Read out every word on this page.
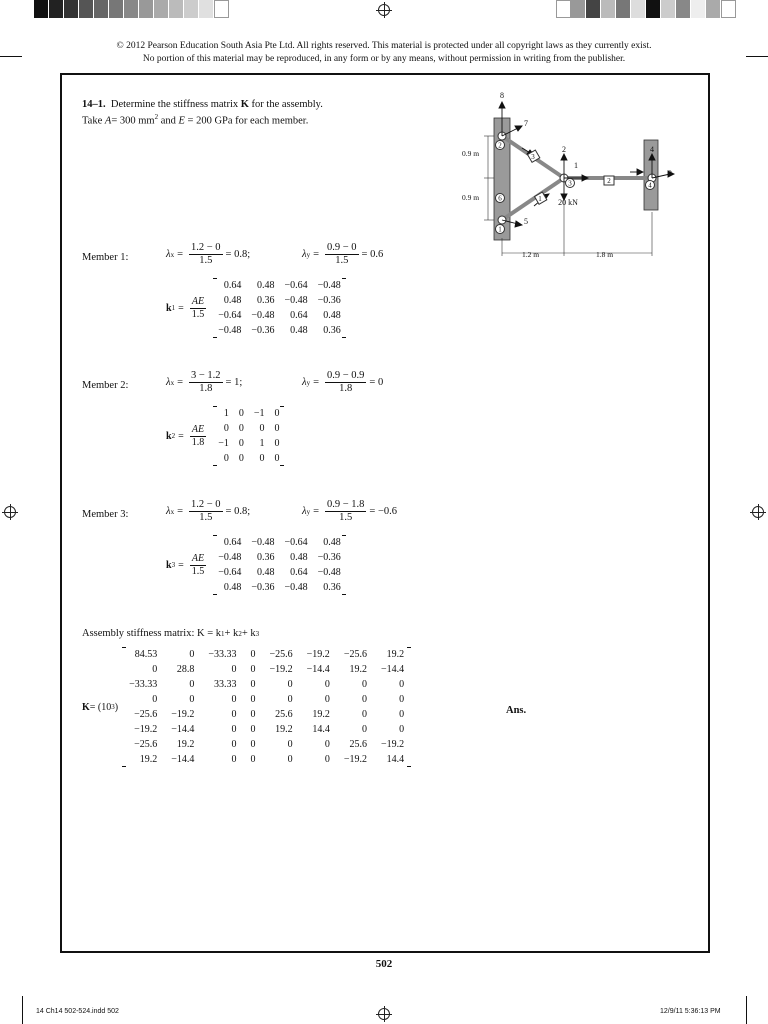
© 2012 Pearson Education South Asia Pte Ltd. All rights reserved. This material is protected under all copyright laws as they currently exist.
No portion of this material may be reproduced, in any form or by any means, without permission in writing from the publisher.
14–1. Determine the stiffness matrix K for the assembly.
Take A= 300 $mm^2$ and E = 200 GPa for each member.
3
1
2
2
1
3	4
6
8
7
2
1
3
4
5
20 kN
0.9 m
0.9 m
1.2 m	1.8 m
Member 1:	λ $x = \frac{1.2 - 0}{1.5} = 0.8$;	λ $y = \frac{0.9 - 0}{1.5} = 0.6$
k $1 = \frac{AE}{1.5}$
0.64	0.48	−0.64	−0.48
0.48	0.36	−0.48	−0.36
−0.64	−0.48	0.64	0.48
−0.48	−0.36	0.48	0.36
Member 2:	λ $x = \frac{3 - 1.2}{1.8} = 1$;	λ $y = \frac{0.9 - 0.9}{1.8} = 0$
k $2 = \frac{AE}{1.8}$
1	0	−1	0
0	0	0	0
−1	0	1	0
0	0	0	0
Member 3:	λ $x = \frac{1.2 - 0}{1.5} = 0.8$;	λ $y = \frac{0.9 - 1.8}{1.5} = -0.6$
k $3 = \frac{AE}{1.5}$
0.64	−0.48	−0.64	0.48
−0.48	0.36	0.48	−0.36
−0.64	0.48	0.64	−0.48
0.48	−0.36	−0.48	0.36
Assembly stiffness matrix: K = k 1 + k 2 + k 3
K = (10 3 )
84.53	0	−33.33	0	−25.6	−19.2	−25.6	19.2
0	28.8	0	0	−19.2	−14.4	19.2	−14.4
−33.33	0	33.33	0	0	0	0	0
0	0	0	0	0	0	0	0
−25.6	−19.2	0	0	25.6	19.2	0	0
−19.2	−14.4	0	0	19.2	14.4	0	0
−25.6	19.2	0	0	0	0	25.6	−19.2
19.2	−14.4	0	0	0	0	−19.2	14.4
Ans.
502
14 Ch14 502-524.indd 502	12/9/11 5:36:13 PM
